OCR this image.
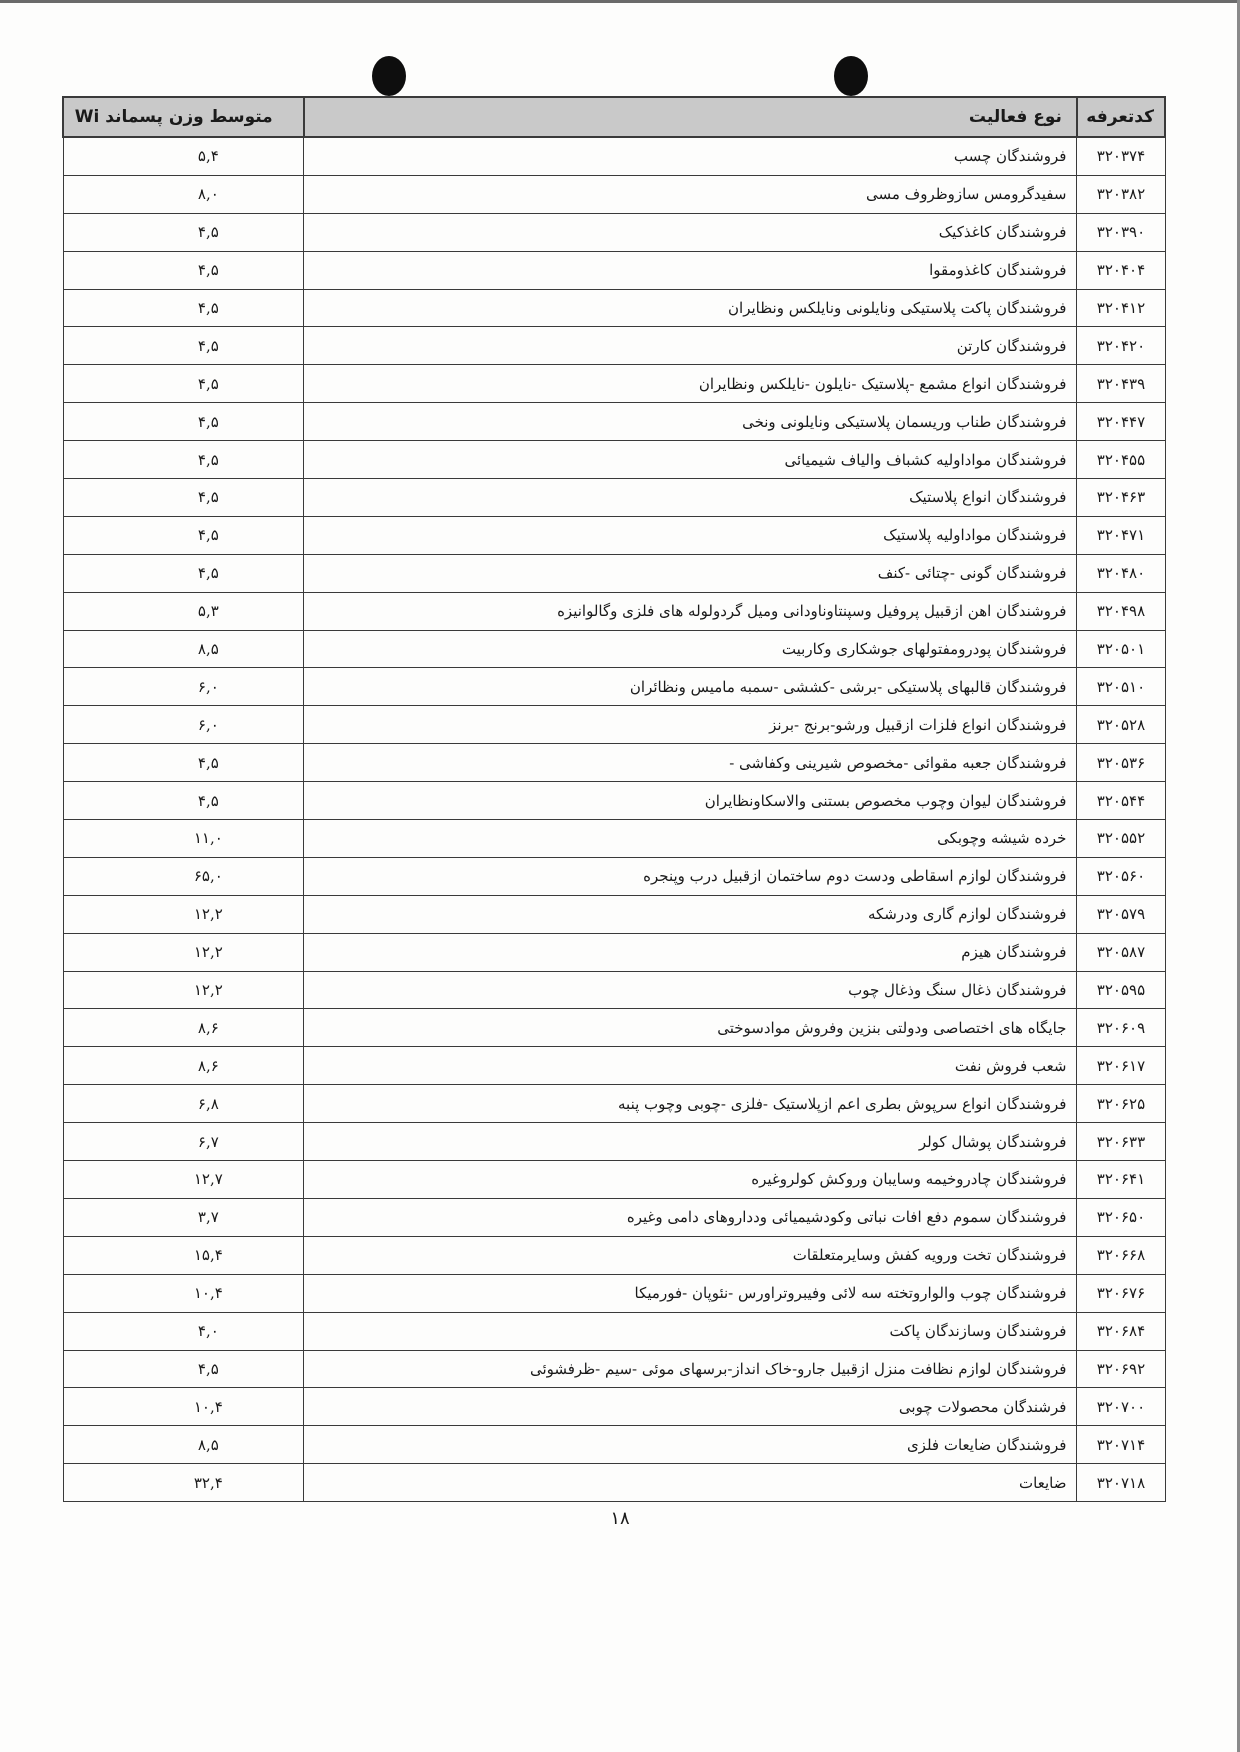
کدتعرفه	نوع فعالیت	متوسط وزن پسماند Wi
۳۲۰۳۷۴	فروشندگان چسب	۵,۴
۳۲۰۳۸۲	سفیدگرومس سازوظروف مسی	۸,۰
۳۲۰۳۹۰	فروشندگان کاغذکیک	۴,۵
۳۲۰۴۰۴	فروشندگان کاغذومقوا	۴,۵
۳۲۰۴۱۲	فروشندگان پاکت پلاستیکی ونایلونی ونایلکس ونظایران	۴,۵
۳۲۰۴۲۰	فروشندگان کارتن	۴,۵
۳۲۰۴۳۹	فروشندگان انواع مشمع -پلاستیک -نایلون -نایلکس ونظایران	۴,۵
۳۲۰۴۴۷	فروشندگان طناب وریسمان پلاستیکی ونایلونی ونخی	۴,۵
۳۲۰۴۵۵	فروشندگان مواداولیه کشباف والیاف شیمیائی	۴,۵
۳۲۰۴۶۳	فروشندگان انواع پلاستیک	۴,۵
۳۲۰۴۷۱	فروشندگان مواداولیه پلاستیک	۴,۵
۳۲۰۴۸۰	فروشندگان گونی -چتائی -کنف	۴,۵
۳۲۰۴۹۸	فروشندگان اهن ازقبیل پروفیل وسپنتاوناودانی ومیل گردولوله های فلزی وگالوانیزه	۵,۳
۳۲۰۵۰۱	فروشندگان پودرومفتولهای جوشکاری وکاربیت	۸,۵
۳۲۰۵۱۰	فروشندگان قالبهای پلاستیکی -برشی -کششی -سمبه مامیس ونظائران	۶,۰
۳۲۰۵۲۸	فروشندگان انواع فلزات ازقبیل ورشو-برنج -برنز	۶,۰
۳۲۰۵۳۶	فروشندگان جعبه مقوائی -مخصوص شیرینی وکفاشی -	۴,۵
۳۲۰۵۴۴	فروشندگان لیوان وچوب مخصوص بستنی والاسکاونظایران	۴,۵
۳۲۰۵۵۲	خرده شیشه وچوبکی	۱۱,۰
۳۲۰۵۶۰	فروشندگان لوازم اسقاطی ودست دوم ساختمان ازقبیل درب وپنجره	۶۵,۰
۳۲۰۵۷۹	فروشندگان لوازم گاری ودرشکه	۱۲,۲
۳۲۰۵۸۷	فروشندگان هیزم	۱۲,۲
۳۲۰۵۹۵	فروشندگان ذغال سنگ وذغال چوب	۱۲,۲
۳۲۰۶۰۹	جایگاه های اختصاصی ودولتی بنزین وفروش موادسوختی	۸,۶
۳۲۰۶۱۷	شعب فروش نفت	۸,۶
۳۲۰۶۲۵	فروشندگان انواع سرپوش بطری اعم ازپلاستیک -فلزی -چوبی وچوب پنبه	۶,۸
۳۲۰۶۳۳	فروشندگان پوشال کولر	۶,۷
۳۲۰۶۴۱	فروشندگان چادروخیمه وسایبان وروکش کولروغیره	۱۲,۷
۳۲۰۶۵۰	فروشندگان سموم دفع افات نباتی وکودشیمیائی ودداروهای دامی وغیره	۳,۷
۳۲۰۶۶۸	فروشندگان تخت ورویه کفش وسایرمتعلقات	۱۵,۴
۳۲۰۶۷۶	فروشندگان چوب والواروتخته سه لائی وفیبروتراورس -نئوپان -فورمیکا	۱۰,۴
۳۲۰۶۸۴	فروشندگان وسازندگان پاکت	۴,۰
۳۲۰۶۹۲	فروشندگان لوازم نظافت منزل ازقبیل جارو-خاک انداز-برسهای موئی -سیم -ظرفشوئی	۴,۵
۳۲۰۷۰۰	فرشندگان محصولات چوبی	۱۰,۴
۳۲۰۷۱۴	فروشندگان ضایعات فلزی	۸,۵
۳۲۰۷۱۸	ضایعات	۳۲,۴
۱۸
